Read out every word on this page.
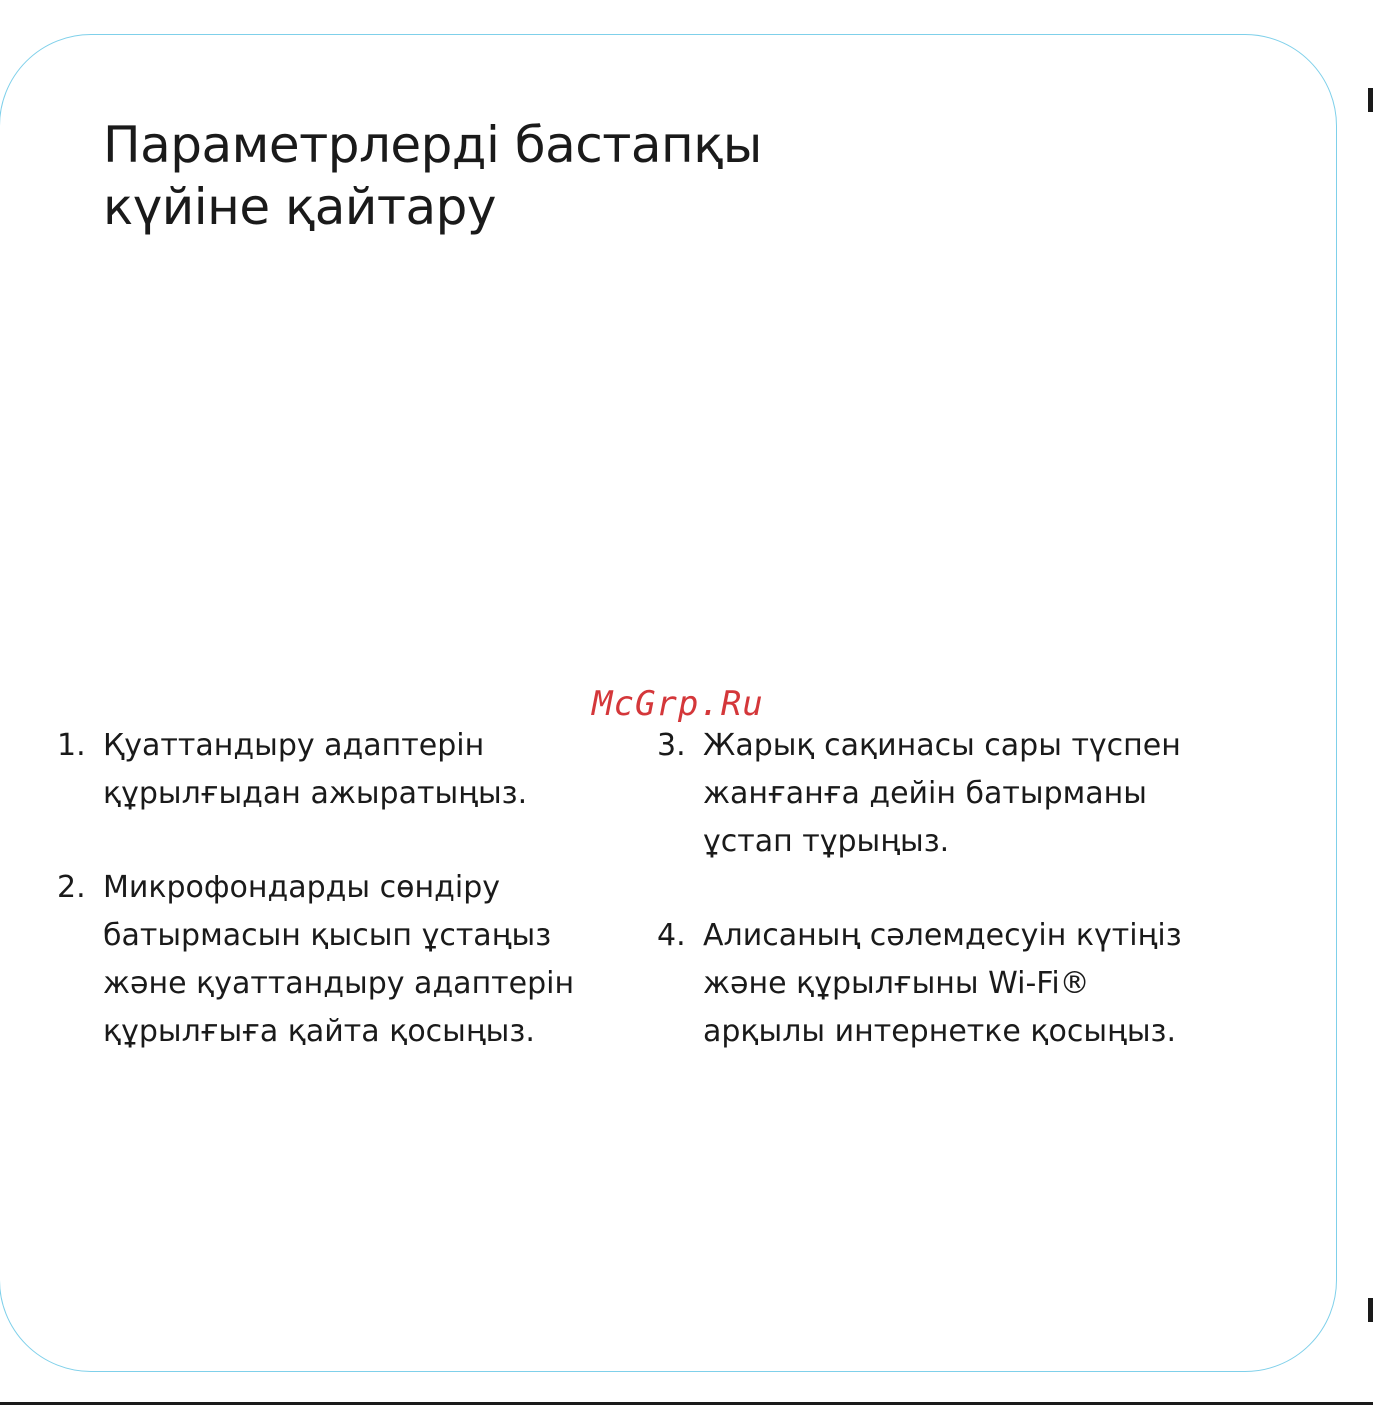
Параметрлерді бастапқы
күйіне қайтару
McGrp.Ru
1. Қуаттандыру адаптерін
құрылғыдан ажыратыңыз.
2. Микрофондарды сөндіру
батырмасын қысып ұстаңыз
және қуаттандыру адаптерін
құрылғыға қайта қосыңыз.
3. Жарық сақинасы сары түспен
жанғанға дейін батырманы
ұстап тұрыңыз.
4. Алисаның сәлемдесуін күтіңіз
және құрылғыны Wi-Fi®
арқылы интернетке қосыңыз.
